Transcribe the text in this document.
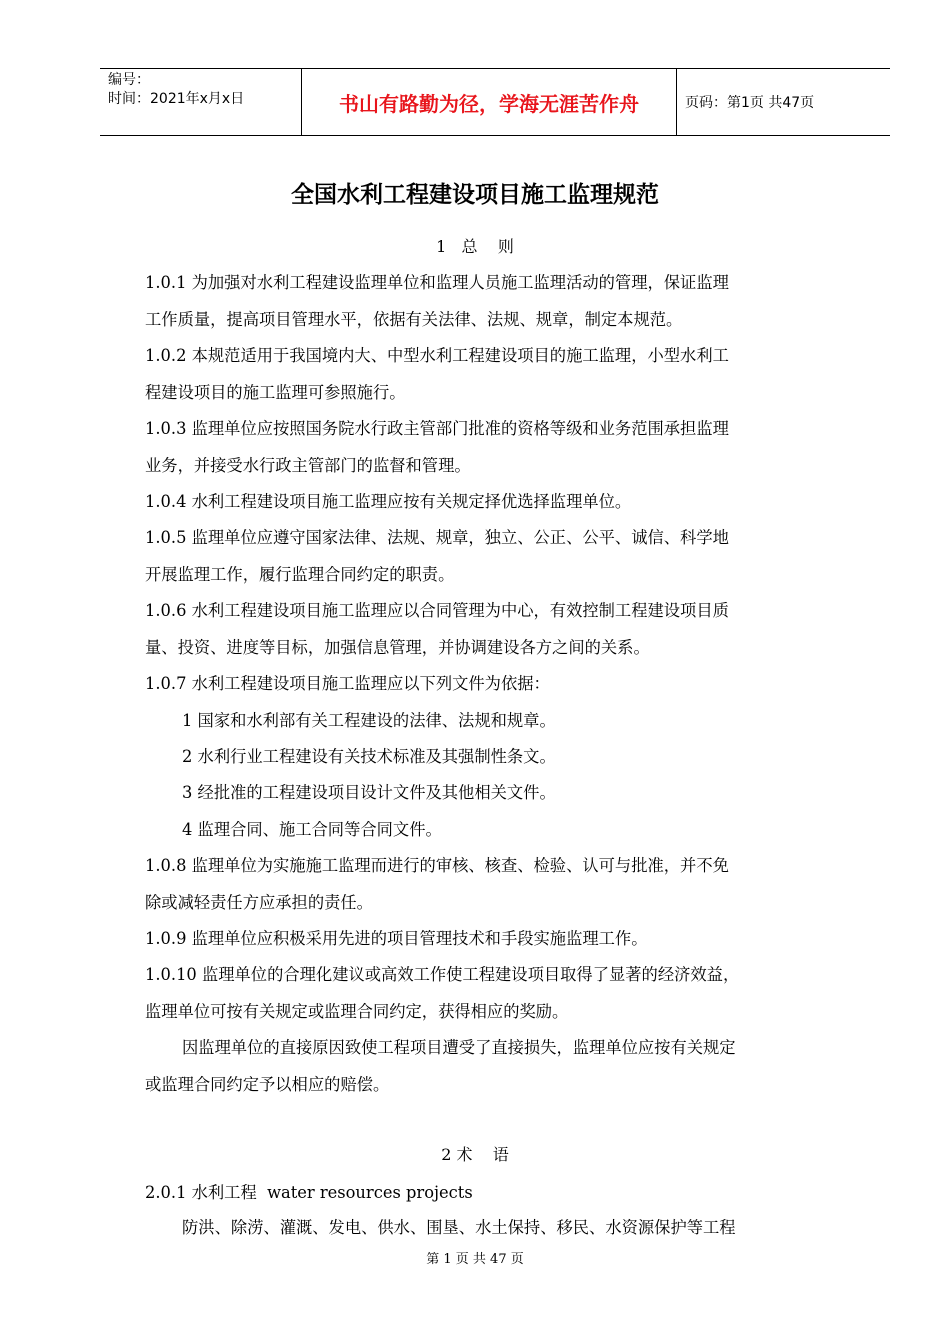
编号：
时间：2021年x月x日	书山有路勤为径，学海无涯苦作舟	页码：第1页 共47页
全国水利工程建设项目施工监理规范
1   总    则
1.0.1 为加强对水利工程建设监理单位和监理人员施工监理活动的管理，保证监理
工作质量，提高项目管理水平，依据有关法律、法规、规章，制定本规范。
1.0.2 本规范适用于我国境内大、中型水利工程建设项目的施工监理，小型水利工
程建设项目的施工监理可参照施行。
1.0.3 监理单位应按照国务院水行政主管部门批准的资格等级和业务范围承担监理
业务，并接受水行政主管部门的监督和管理。
1.0.4 水利工程建设项目施工监理应按有关规定择优选择监理单位。
1.0.5 监理单位应遵守国家法律、法规、规章，独立、公正、公平、诚信、科学地
开展监理工作，履行监理合同约定的职责。
1.0.6 水利工程建设项目施工监理应以合同管理为中心，有效控制工程建设项目质
量、投资、进度等目标，加强信息管理，并协调建设各方之间的关系。
1.0.7 水利工程建设项目施工监理应以下列文件为依据：
1 国家和水利部有关工程建设的法律、法规和规章。
2 水利行业工程建设有关技术标准及其强制性条文。
3 经批准的工程建设项目设计文件及其他相关文件。
4 监理合同、施工合同等合同文件。
1.0.8 监理单位为实施施工监理而进行的审核、核查、检验、认可与批准，并不免
除或减轻责任方应承担的责任。
1.0.9 监理单位应积极采用先进的项目管理技术和手段实施监理工作。
1.0.10 监理单位的合理化建议或高效工作使工程建设项目取得了显著的经济效益，
监理单位可按有关规定或监理合同约定，获得相应的奖励。
因监理单位的直接原因致使工程项目遭受了直接损失，监理单位应按有关规定
或监理合同约定予以相应的赔偿。
2 术    语
2.0.1 水利工程  water resources projects
防洪、除涝、灌溉、发电、供水、围垦、水土保持、移民、水资源保护等工程
第 1 页 共 47 页
